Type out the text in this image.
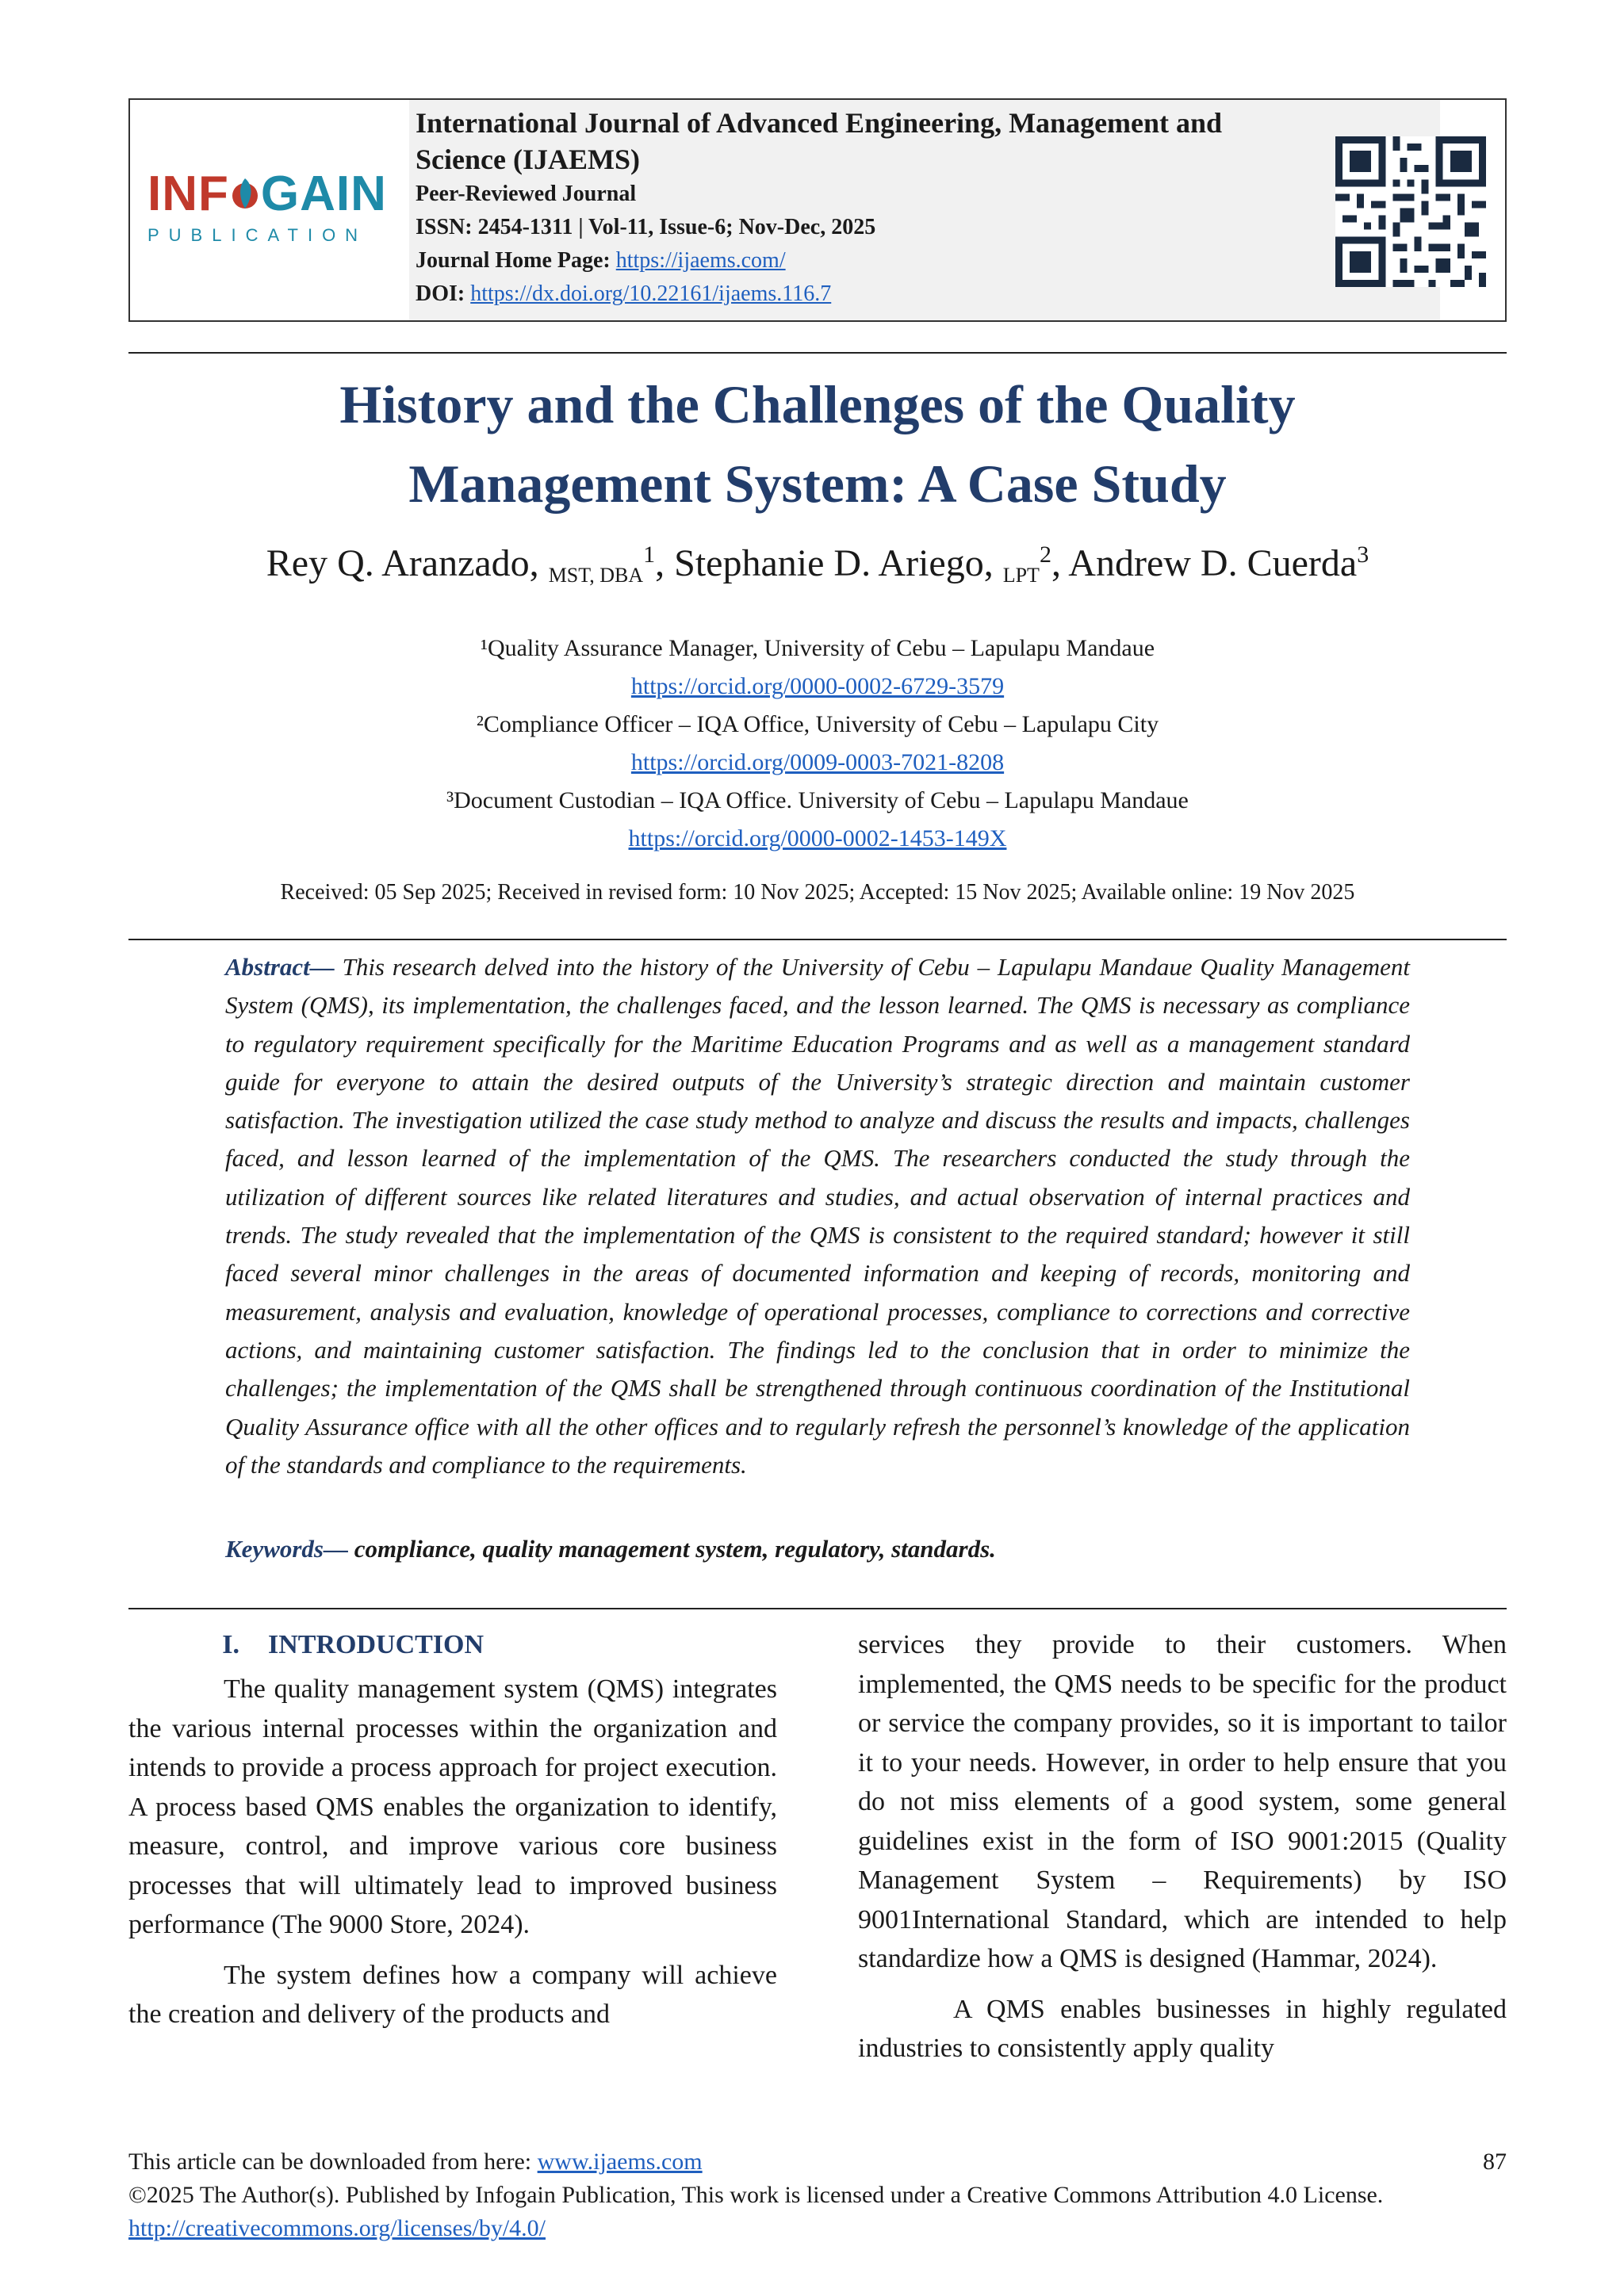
INF GAIN
PUBLICATION
International Journal of Advanced Engineering, Management and Science (IJAEMS)
Peer-Reviewed Journal
ISSN: 2454-1311 | Vol-11, Issue-6; Nov-Dec, 2025
Journal Home Page: https://ijaems.com/
DOI: https://dx.doi.org/10.22161/ijaems.116.7
History and the Challenges of the Quality
Management System: A Case Study
Rey Q. Aranzado, MST, DBA$^1$, Stephanie D. Ariego, LPT$^2$, Andrew D. Cuerda$^3$
¹Quality Assurance Manager, University of Cebu – Lapulapu Mandaue
https://orcid.org/0000-0002-6729-3579
²Compliance Officer – IQA Office, University of Cebu – Lapulapu City
https://orcid.org/0009-0003-7021-8208
³Document Custodian – IQA Office. University of Cebu – Lapulapu Mandaue
https://orcid.org/0000-0002-1453-149X
Received: 05 Sep 2025; Received in revised form: 10 Nov 2025; Accepted: 15 Nov 2025; Available online: 19 Nov 2025
Abstract— This research delved into the history of the University of Cebu – Lapulapu Mandaue Quality Management System (QMS), its implementation, the challenges faced, and the lesson learned. The QMS is necessary as compliance to regulatory requirement specifically for the Maritime Education Programs and as well as a management standard guide for everyone to attain the desired outputs of the University’s strategic direction and maintain customer satisfaction. The investigation utilized the case study method to analyze and discuss the results and impacts, challenges faced, and lesson learned of the implementation of the QMS. The researchers conducted the study through the utilization of different sources like related literatures and studies, and actual observation of internal practices and trends. The study revealed that the implementation of the QMS is consistent to the required standard; however it still faced several minor challenges in the areas of documented information and keeping of records, monitoring and measurement, analysis and evaluation, knowledge of operational processes, compliance to corrections and corrective actions, and maintaining customer satisfaction. The findings led to the conclusion that in order to minimize the challenges; the implementation of the QMS shall be strengthened through continuous coordination of the Institutional Quality Assurance office with all the other offices and to regularly refresh the personnel’s knowledge of the application of the standards and compliance to the requirements.
Keywords— compliance, quality management system, regulatory, standards.
I. INTRODUCTION

The quality management system (QMS) integrates the various internal processes within the organization and intends to provide a process approach for project execution. A process based QMS enables the organization to identify, measure, control, and improve various core business processes that will ultimately lead to improved business performance (The 9000 Store, 2024).

The system defines how a company will achieve the creation and delivery of the products and

services they provide to their customers. When implemented, the QMS needs to be specific for the product or service the company provides, so it is important to tailor it to your needs. However, in order to help ensure that you do not miss elements of a good system, some general guidelines exist in the form of ISO 9001:2015 (Quality Management System – Requirements) by ISO 9001International Standard, which are intended to help standardize how a QMS is designed (Hammar, 2024).

A QMS enables businesses in highly regulated industries to consistently apply quality

This article can be downloaded from here: www.ijaems.com	87
©2025 The Author(s). Published by Infogain Publication, This work is licensed under a Creative Commons Attribution 4.0 License. http://creativecommons.org/licenses/by/4.0/
